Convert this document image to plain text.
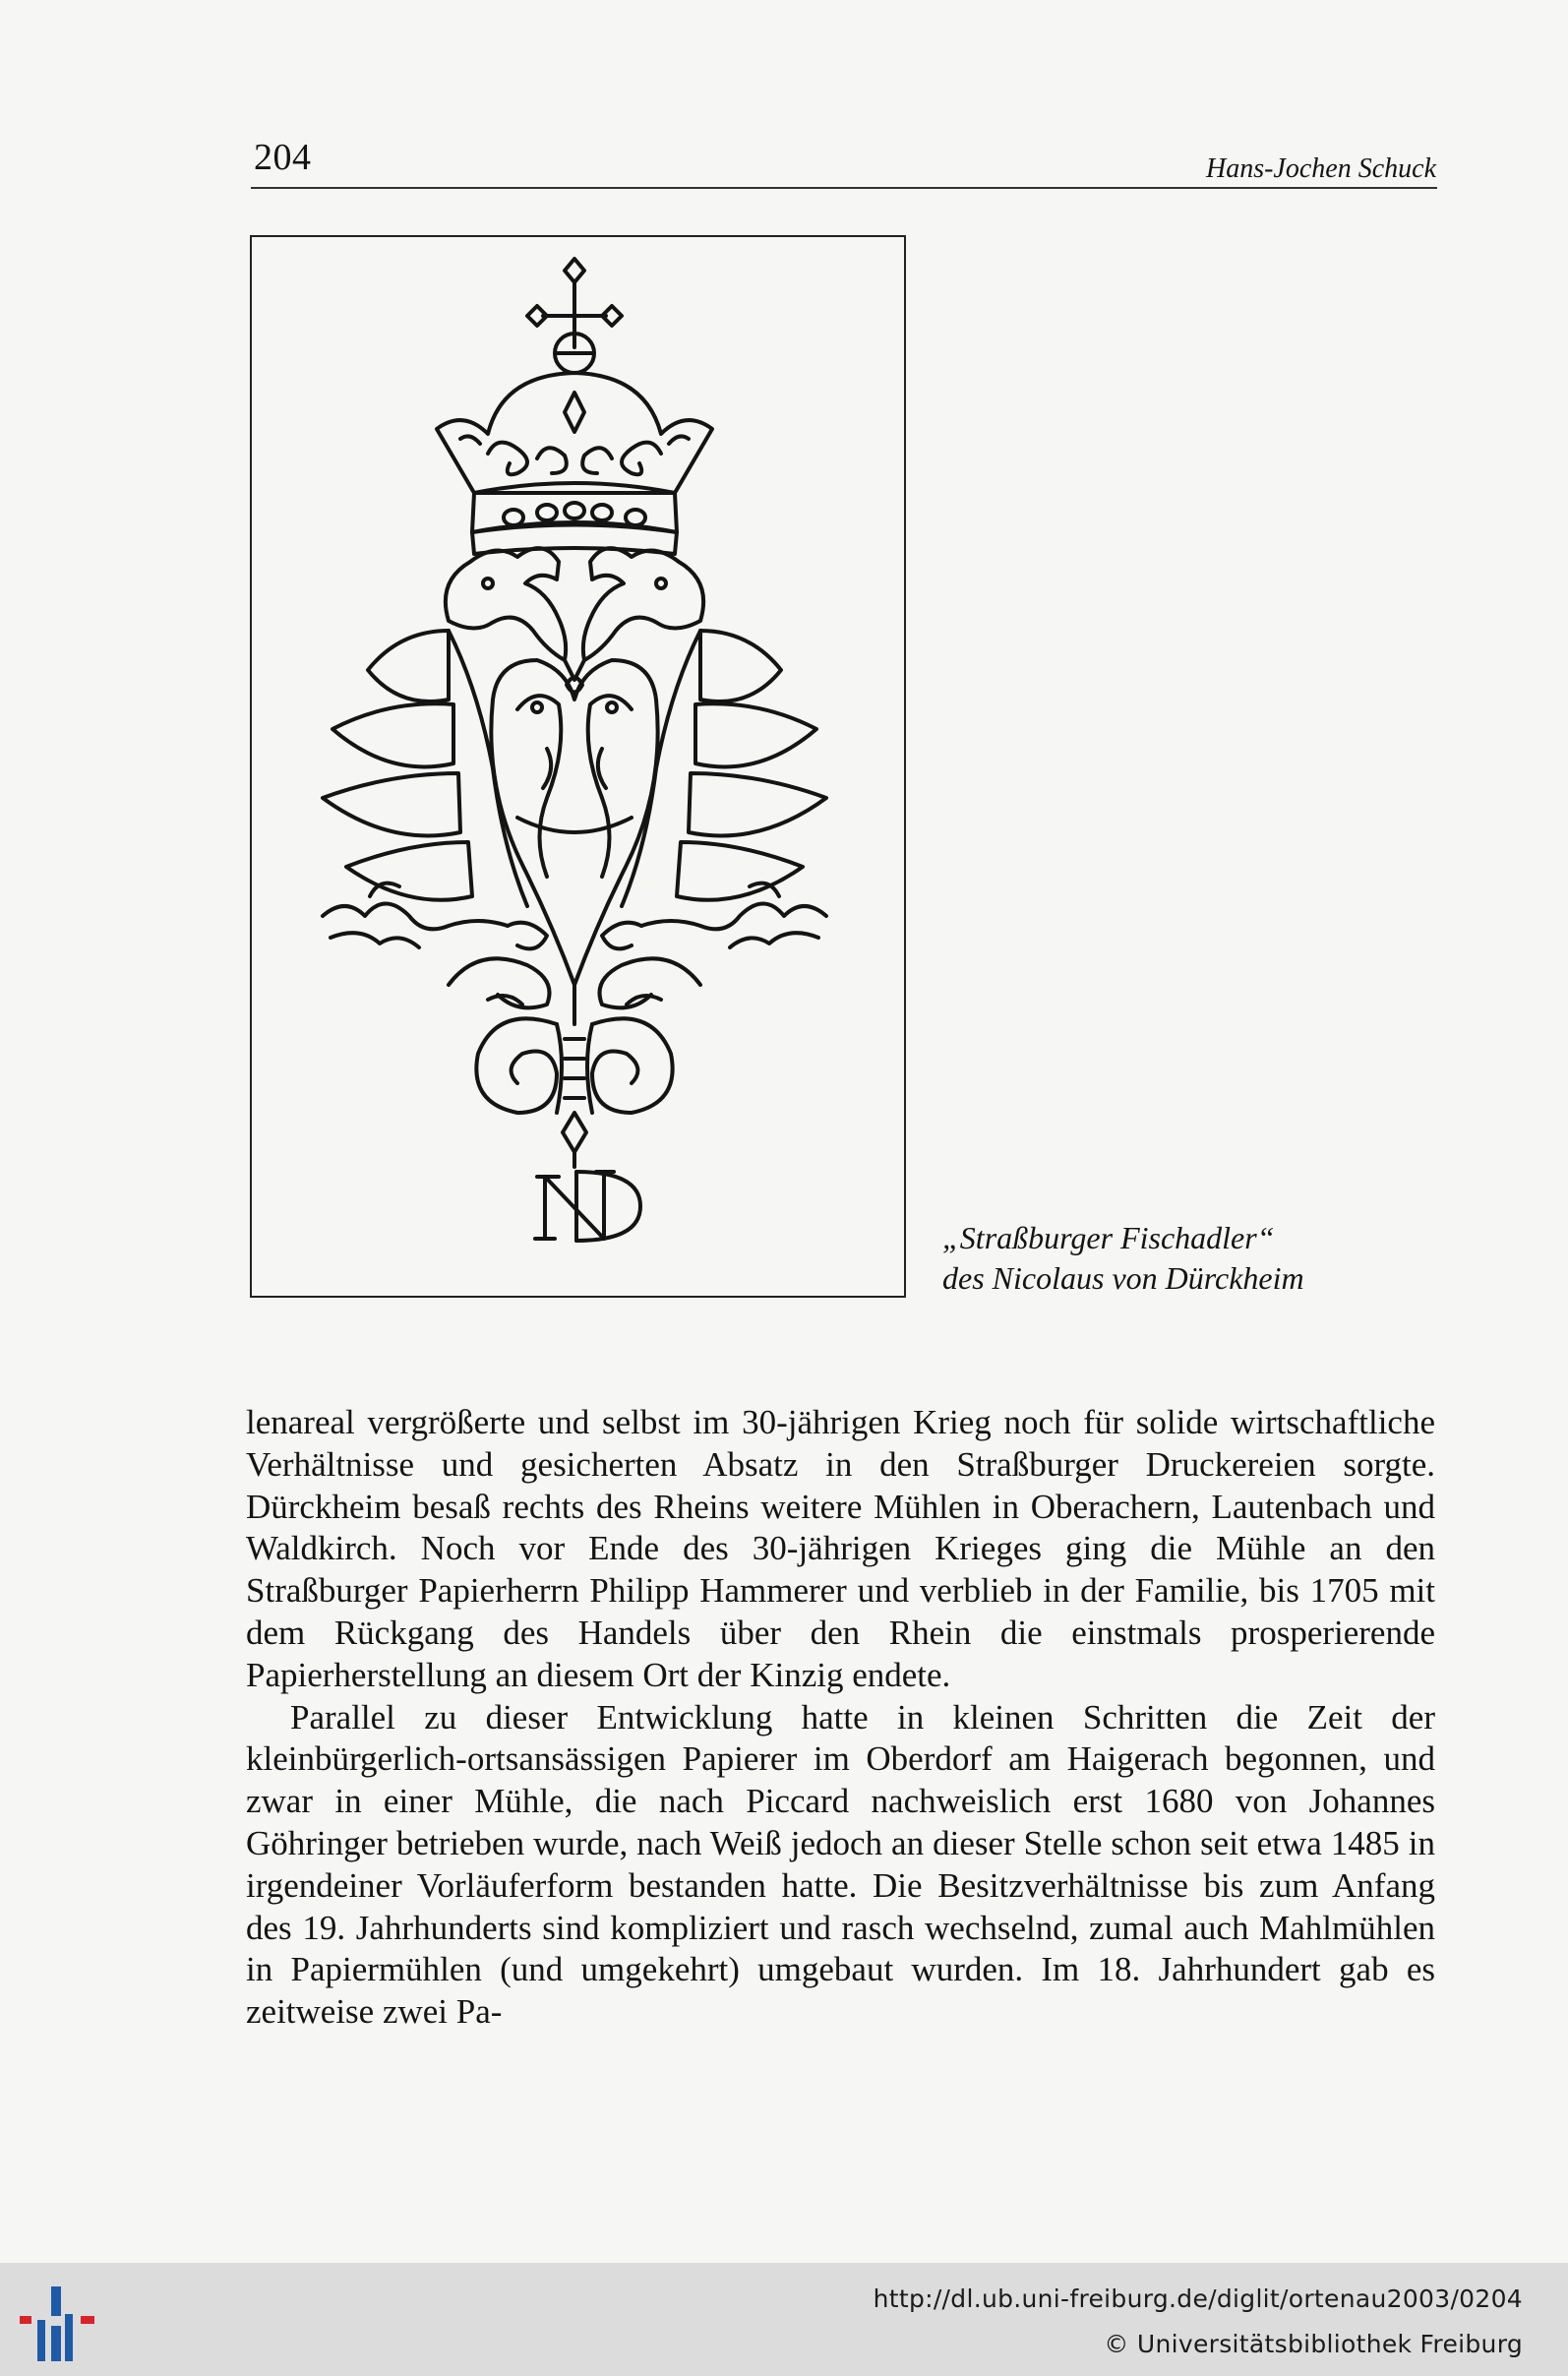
204	Hans-Jochen Schuck
„Straßburger Fischadler“
des Nicolaus von Dürckheim

lenareal vergrößerte und selbst im 30-jährigen Krieg noch für solide wirtschaftliche Verhältnisse und gesicherten Absatz in den Straßburger Druckereien sorgte. Dürckheim besaß rechts des Rheins weitere Mühlen in Oberachern, Lautenbach und Waldkirch. Noch vor Ende des 30-jährigen Krieges ging die Mühle an den Straßburger Papierherrn Philipp Hammerer und verblieb in der Familie, bis 1705 mit dem Rückgang des Handels über den Rhein die einstmals prosperierende Papierherstellung an diesem Ort der Kinzig endete.

Parallel zu dieser Entwicklung hatte in kleinen Schritten die Zeit der kleinbürgerlich-ortsansässigen Papierer im Oberdorf am Haigerach begonnen, und zwar in einer Mühle, die nach Piccard nachweislich erst 1680 von Johannes Göhringer betrieben wurde, nach Weiß jedoch an dieser Stelle schon seit etwa 1485 in irgendeiner Vorläuferform bestanden hatte. Die Besitzverhältnisse bis zum Anfang des 19. Jahrhunderts sind kompliziert und rasch wechselnd, zumal auch Mahlmühlen in Papiermühlen (und umgekehrt) umgebaut wurden. Im 18. Jahrhundert gab es zeitweise zwei Pa-

http://dl.ub.uni-freiburg.de/diglit/ortenau2003/0204
© Universitätsbibliothek Freiburg
